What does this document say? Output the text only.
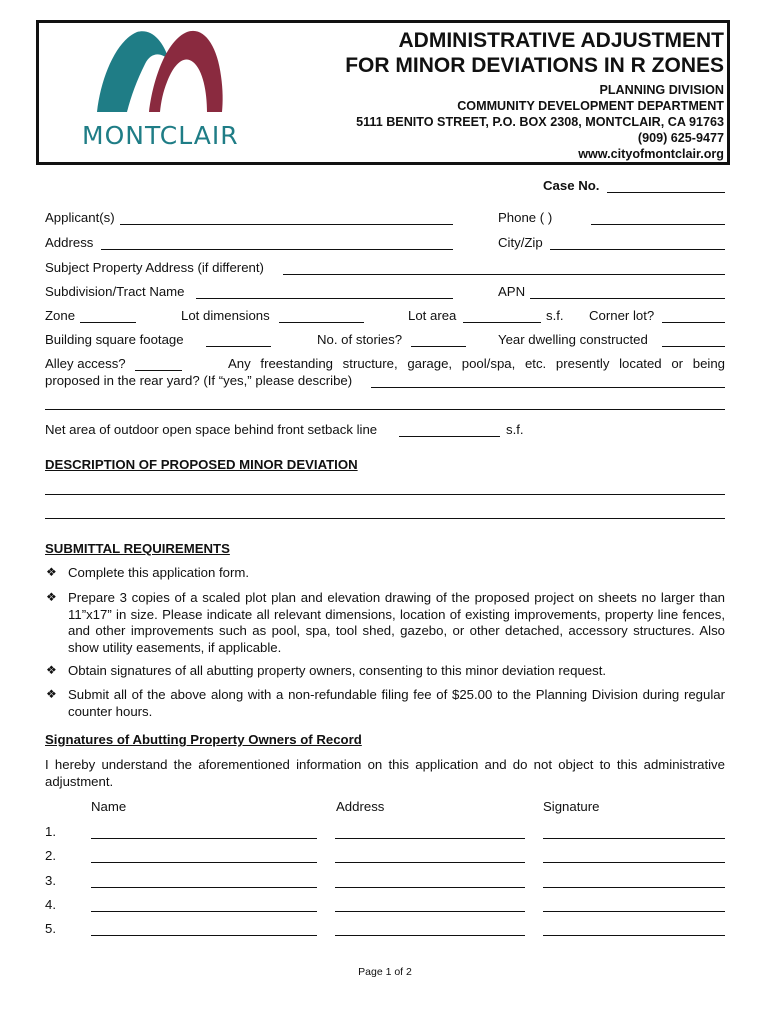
MONTCLAIR
ADMINISTRATIVE ADJUSTMENT
FOR MINOR DEVIATIONS IN R ZONES
PLANNING DIVISION
COMMUNITY DEVELOPMENT DEPARTMENT
5111 BENITO STREET, P.O. BOX 2308, MONTCLAIR, CA 91763
(909) 625-9477
www.cityofmontclair.org
Case No.
Applicant(s)	Phone ( )
Address	City/Zip
Subject Property Address (if different)
Subdivision/Tract Name	APN
Zone	Lot dimensions	Lot area	s.f. Corner lot?
Building square footage	No. of stories?	Year dwelling constructed
Alley access?	Any freestanding structure, garage, pool/spa, etc. presently located or being
proposed in the rear yard? (If “yes,” please describe)
Net area of outdoor open space behind front setback line	s.f.
DESCRIPTION OF PROPOSED MINOR DEVIATION
SUBMITTAL REQUIREMENTS
❖ Complete this application form.
❖ Prepare 3 copies of a scaled plot plan and elevation drawing of the proposed project on sheets no larger than 11”x17” in size. Please indicate all relevant dimensions, location of existing improvements, property line fences, and other improvements such as pool, spa, tool shed, gazebo, or other detached, accessory structures. Also show utility easements, if applicable.
❖ Obtain signatures of all abutting property owners, consenting to this minor deviation request.
❖ Submit all of the above along with a non-refundable filing fee of $25.00 to the Planning Division during regular counter hours.
Signatures of Abutting Property Owners of Record
I hereby understand the aforementioned information on this application and do not object to this administrative adjustment.
Name	Address	Signature
1.
2.
3.
4.
5.
Page 1 of 2
